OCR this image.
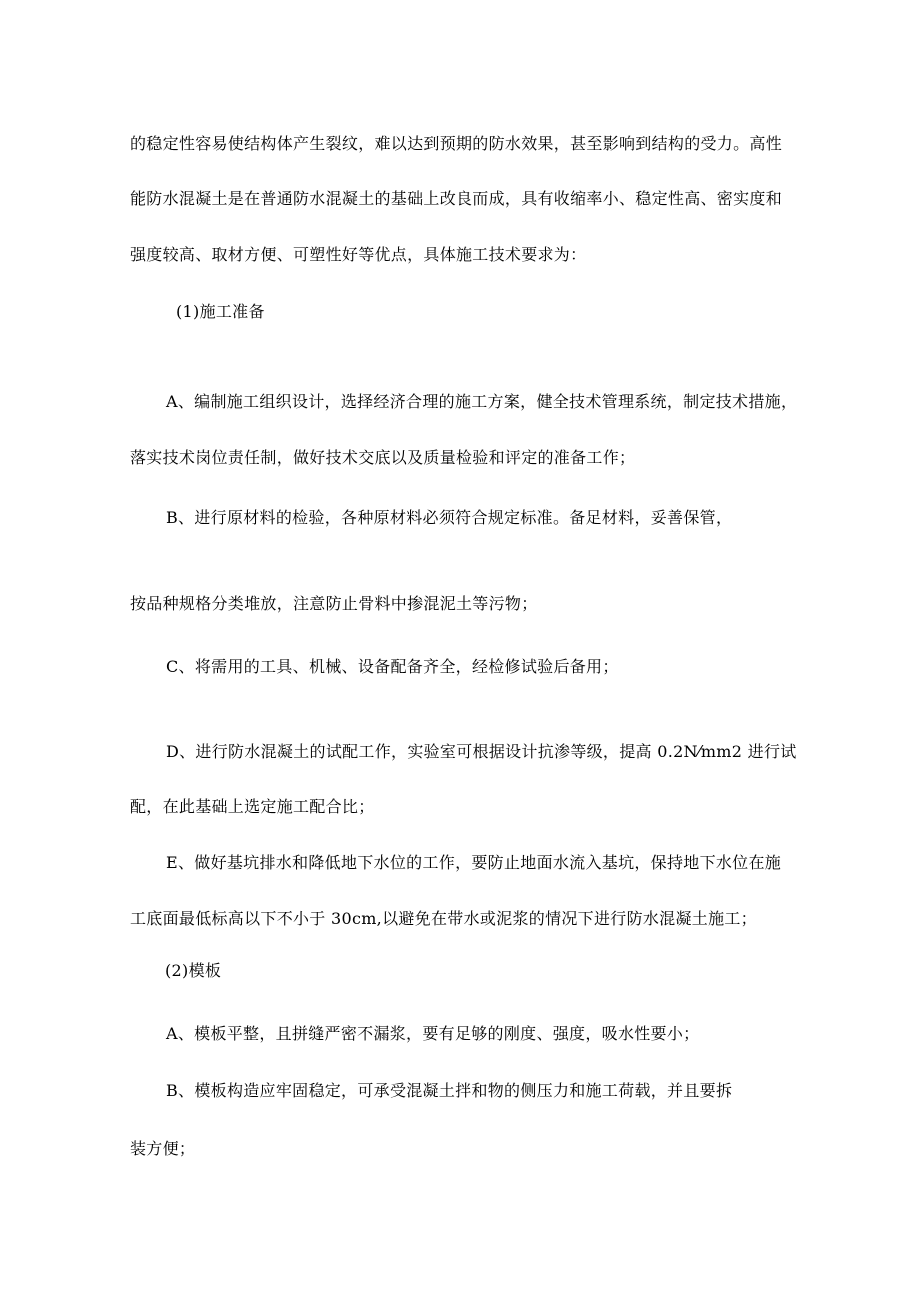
的稳定性容易使结构体产生裂纹，难以达到预期的防水效果，甚至影响到结构的受力。高性
能防水混凝土是在普通防水混凝土的基础上改良而成，具有收缩率小、稳定性高、密实度和
强度较高、取材方便、可塑性好等优点，具体施工技术要求为：
(1)施工准备
A、编制施工组织设计，选择经济合理的施工方案，健全技术管理系统，制定技术措施，
落实技术岗位责任制，做好技术交底以及质量检验和评定的准备工作；
B、进行原材料的检验，各种原材料必须符合规定标准。备足材料，妥善保管，
按品种规格分类堆放，注意防止骨料中掺混泥土等污物；
C、将需用的工具、机械、设备配备齐全，经检修试验后备用；
D、进行防水混凝土的试配工作，实验室可根据设计抗渗等级，提高 0.2N⁄mm2 进行试
配，在此基础上选定施工配合比；
E、做好基坑排水和降低地下水位的工作，要防止地面水流入基坑，保持地下水位在施
工底面最低标高以下不小于 30cm,以避免在带水或泥浆的情况下进行防水混凝土施工；
(2)模板
A、模板平整，且拼缝严密不漏浆，要有足够的刚度、强度，吸水性要小；
B、模板构造应牢固稳定，可承受混凝土拌和物的侧压力和施工荷载，并且要拆
装方便；
